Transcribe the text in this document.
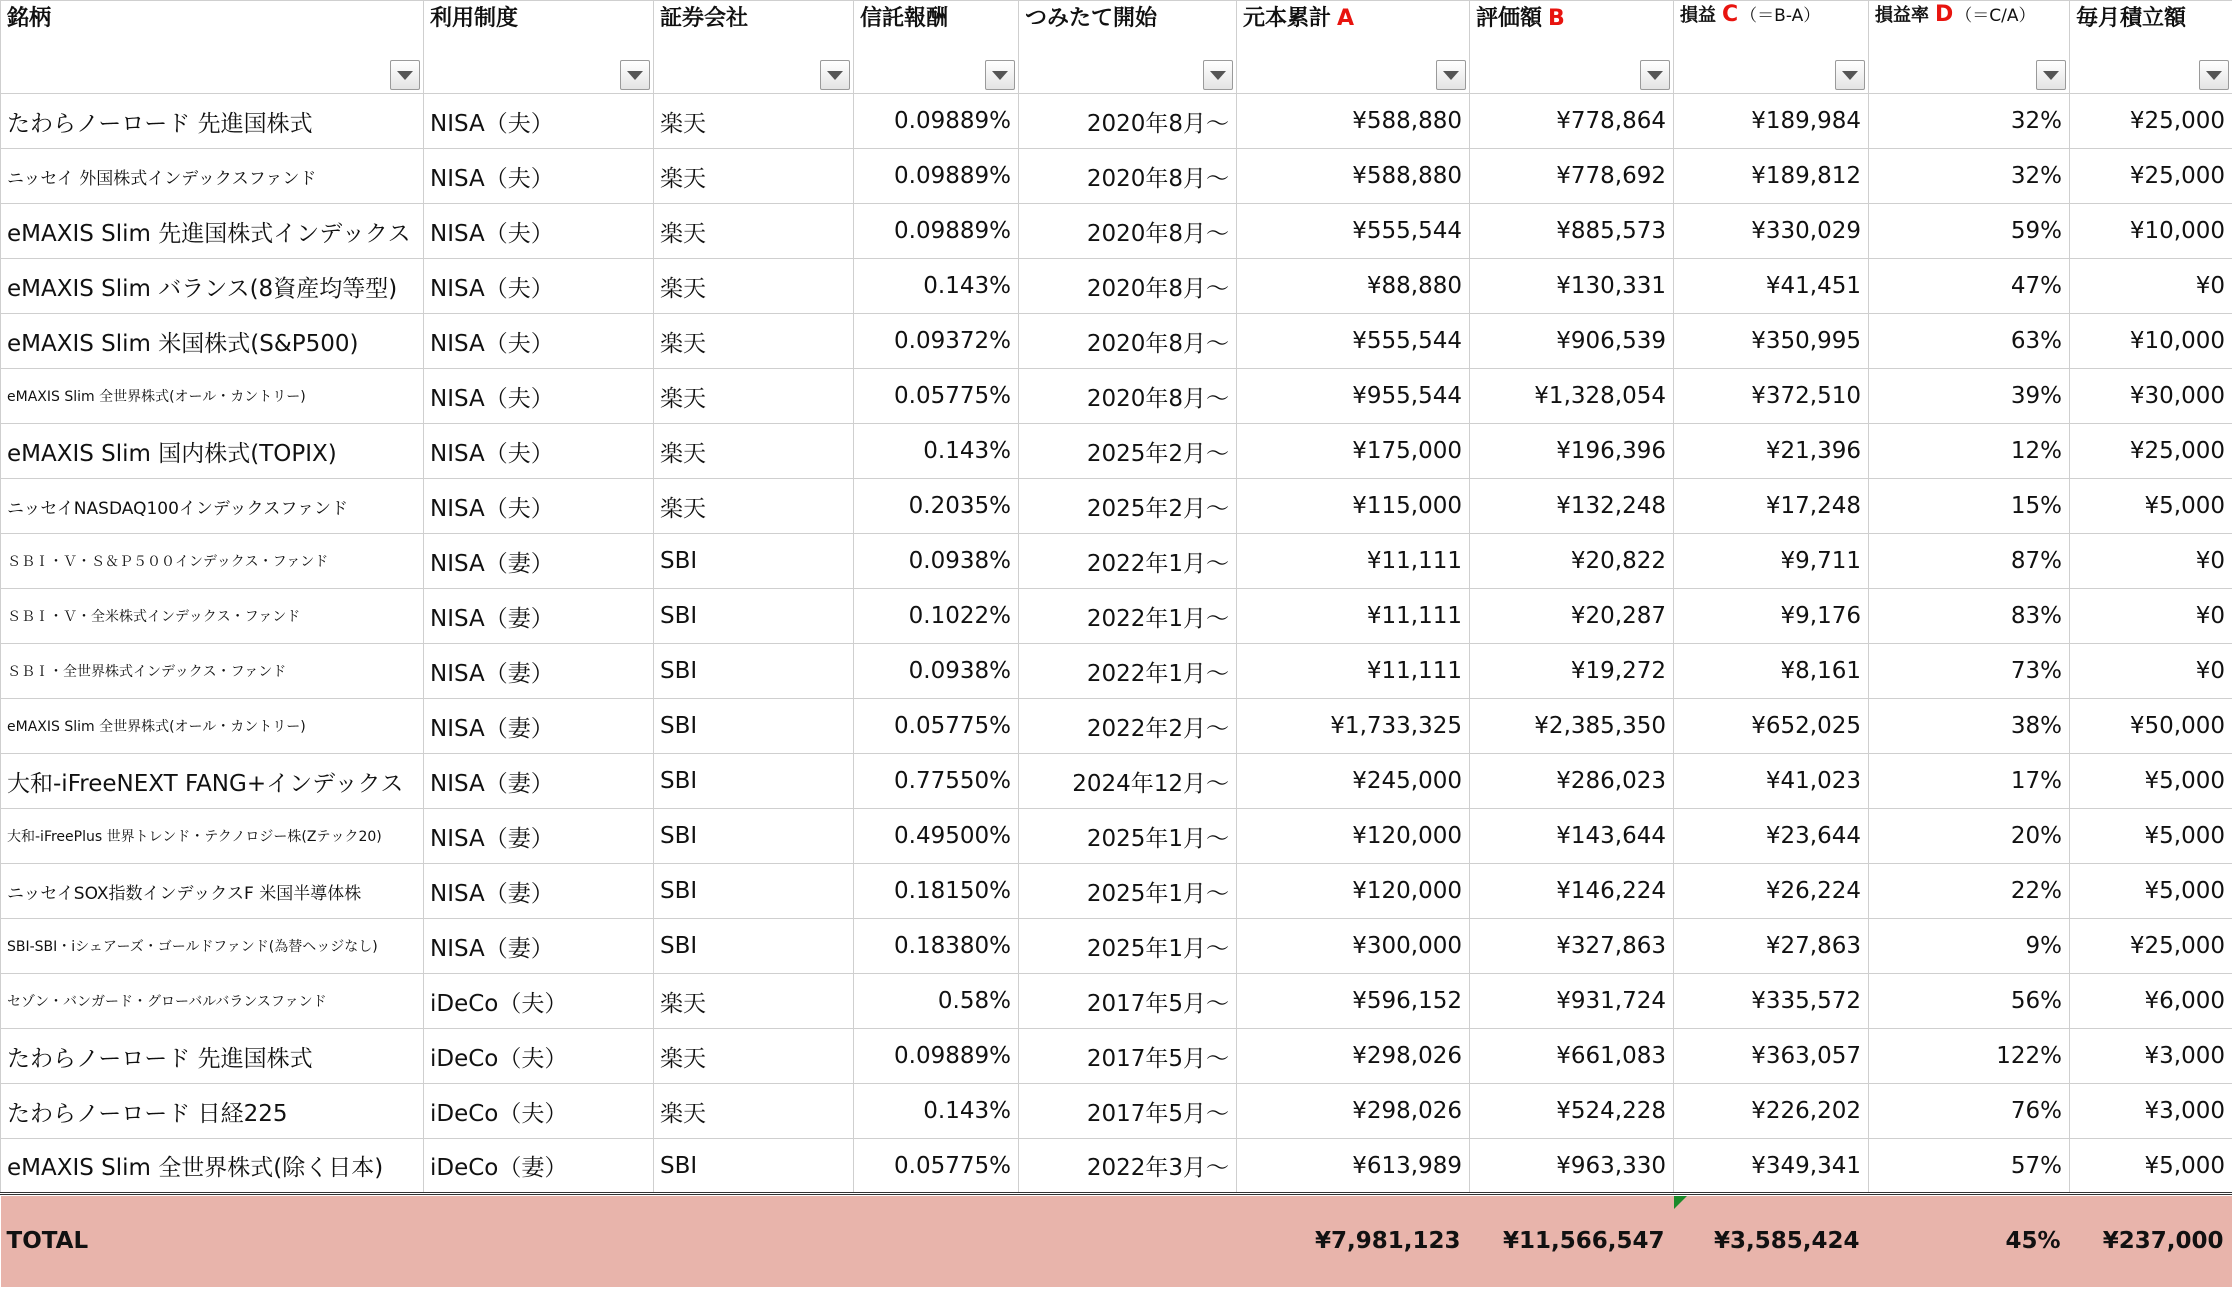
銘柄	利用制度	証券会社	信託報酬	つみたて開始	元本累計 A	評価額 B	損益 C （＝B-A）	損益率 D （＝C/A）	毎月積立額

たわらノーロード 先進国株式	NISA（夫）	楽天	0.09889%	2020年8月～	¥588,880	¥778,864	¥189,984	32%	¥25,000
ニッセイ 外国株式インデックスファンド	NISA（夫）	楽天	0.09889%	2020年8月～	¥588,880	¥778,692	¥189,812	32%	¥25,000
eMAXIS Slim 先進国株式インデックス	NISA（夫）	楽天	0.09889%	2020年8月～	¥555,544	¥885,573	¥330,029	59%	¥10,000
eMAXIS Slim バランス(8資産均等型)	NISA（夫）	楽天	0.143%	2020年8月～	¥88,880	¥130,331	¥41,451	47%	¥0
eMAXIS Slim 米国株式(S&P500)	NISA（夫）	楽天	0.09372%	2020年8月～	¥555,544	¥906,539	¥350,995	63%	¥10,000
eMAXIS Slim 全世界株式(オール・カントリー)	NISA（夫）	楽天	0.05775%	2020年8月～	¥955,544	¥1,328,054	¥372,510	39%	¥30,000
eMAXIS Slim 国内株式(TOPIX)	NISA（夫）	楽天	0.143%	2025年2月～	¥175,000	¥196,396	¥21,396	12%	¥25,000
ニッセイNASDAQ100インデックスファンド	NISA（夫）	楽天	0.2035%	2025年2月～	¥115,000	¥132,248	¥17,248	15%	¥5,000
ＳＢＩ・Ｖ・Ｓ＆Ｐ５００インデックス・ファンド	NISA（妻）	SBI	0.0938%	2022年1月～	¥11,111	¥20,822	¥9,711	87%	¥0
ＳＢＩ・Ｖ・全米株式インデックス・ファンド	NISA（妻）	SBI	0.1022%	2022年1月～	¥11,111	¥20,287	¥9,176	83%	¥0
ＳＢＩ・全世界株式インデックス・ファンド	NISA（妻）	SBI	0.0938%	2022年1月～	¥11,111	¥19,272	¥8,161	73%	¥0
eMAXIS Slim 全世界株式(オール・カントリー)	NISA（妻）	SBI	0.05775%	2022年2月～	¥1,733,325	¥2,385,350	¥652,025	38%	¥50,000
大和-iFreeNEXT FANG+インデックス	NISA（妻）	SBI	0.77550%	2024年12月～	¥245,000	¥286,023	¥41,023	17%	¥5,000
大和-iFreePlus 世界トレンド・テクノロジー株(Zテック20)	NISA（妻）	SBI	0.49500%	2025年1月～	¥120,000	¥143,644	¥23,644	20%	¥5,000
ニッセイSOX指数インデックスF 米国半導体株	NISA（妻）	SBI	0.18150%	2025年1月～	¥120,000	¥146,224	¥26,224	22%	¥5,000
SBI-SBI・iシェアーズ・ゴールドファンド(為替ヘッジなし)	NISA（妻）	SBI	0.18380%	2025年1月～	¥300,000	¥327,863	¥27,863	9%	¥25,000
セゾン・バンガード・グローバルバランスファンド	iDeCo（夫）	楽天	0.58%	2017年5月～	¥596,152	¥931,724	¥335,572	56%	¥6,000
たわらノーロード 先進国株式	iDeCo（夫）	楽天	0.09889%	2017年5月～	¥298,026	¥661,083	¥363,057	122%	¥3,000
たわらノーロード 日経225	iDeCo（夫）	楽天	0.143%	2017年5月～	¥298,026	¥524,228	¥226,202	76%	¥3,000
eMAXIS Slim 全世界株式(除く日本)	iDeCo（妻）	SBI	0.05775%	2022年3月～	¥613,989	¥963,330	¥349,341	57%	¥5,000

TOTAL					¥7,981,123	¥11,566,547	¥3,585,424	45%	¥237,000
